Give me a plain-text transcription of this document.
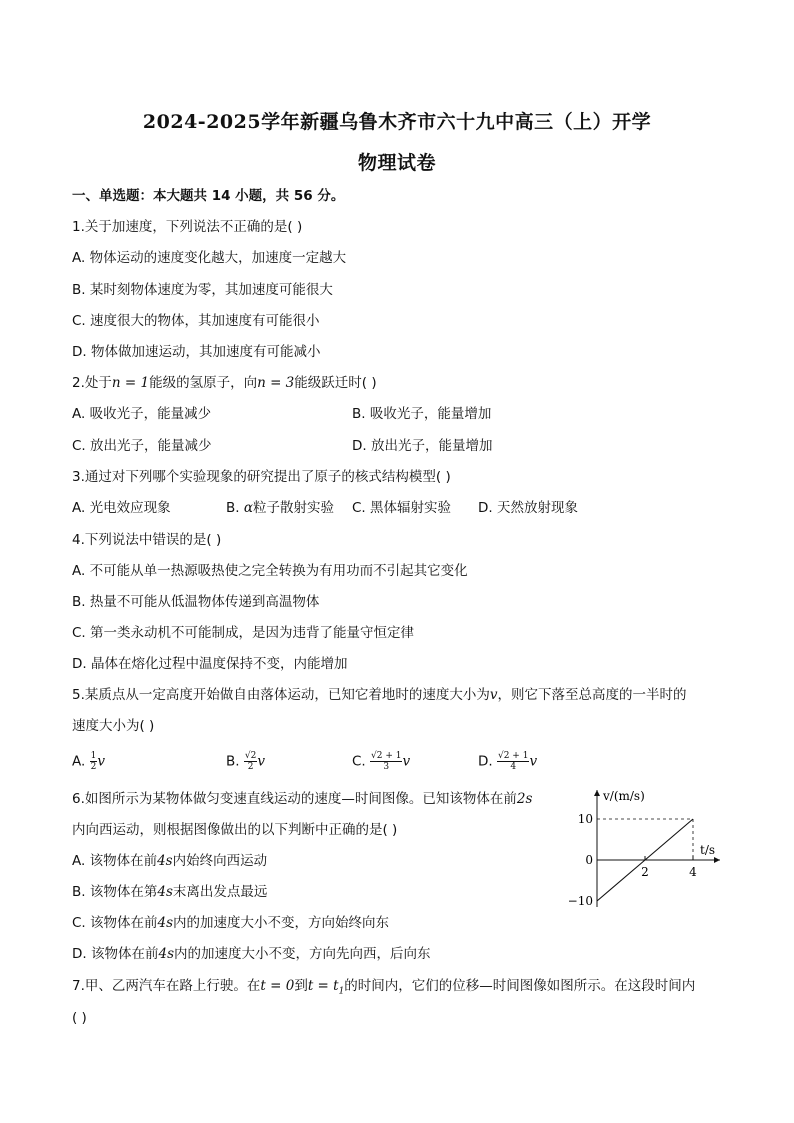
2024-2025学年新疆乌鲁木齐市六十九中高三（上）开学
物理试卷
一、单选题：本大题共 14 小题，共 56 分。
1.关于加速度，下列说法不正确的是( )
A. 物体运动的速度变化越大，加速度一定越大
B. 某时刻物体速度为零，其加速度可能很大
C. 速度很大的物体，其加速度有可能很小
D. 物体做加速运动，其加速度有可能减小
2.处于n = 1能级的氢原子，向n = 3能级跃迁时( )
A. 吸收光子，能量减少	B. 吸收光子，能量增加
C. 放出光子，能量减少	D. 放出光子，能量增加
3.通过对下列哪个实验现象的研究提出了原子的核式结构模型( )
A. 光电效应现象	B. α粒子散射实验 C. 黑体辐射实验 D. 天然放射现象
4.下列说法中错误的是( )
A. 不可能从单一热源吸热使之完全转换为有用功而不引起其它变化
B. 热量不可能从低温物体传递到高温物体
C. 第一类永动机不可能制成，是因为违背了能量守恒定律
D. 晶体在熔化过程中温度保持不变，内能增加
5.某质点从一定高度开始做自由落体运动，已知它着地时的速度大小为v，则它下落至总高度的一半时的
速度大小为( )
A. $\frac{1}{2}$ v	B. $\frac{√2}{2}$ v	C. $\frac{√2 + 1}{3}$ v	D. $\frac{√2 + 1}{4}$ v
6.如图所示为某物体做匀变速直线运动的速度—时间图像。已知该物体在前2s
内向西运动，则根据图像做出的以下判断中正确的是( )
A. 该物体在前4s内始终向西运动
B. 该物体在第4s末离出发点最远
C. 该物体在前4s内的加速度大小不变，方向始终向东
D. 该物体在前4s内的加速度大小不变，方向先向西，后向东
v/(m/s)
t/s
10
0
−10
2	4
7.甲、乙两汽车在路上行驶。在t = 0到$t = t_1$的时间内，它们的位移—时间图像如图所示。在这段时间内
( )
